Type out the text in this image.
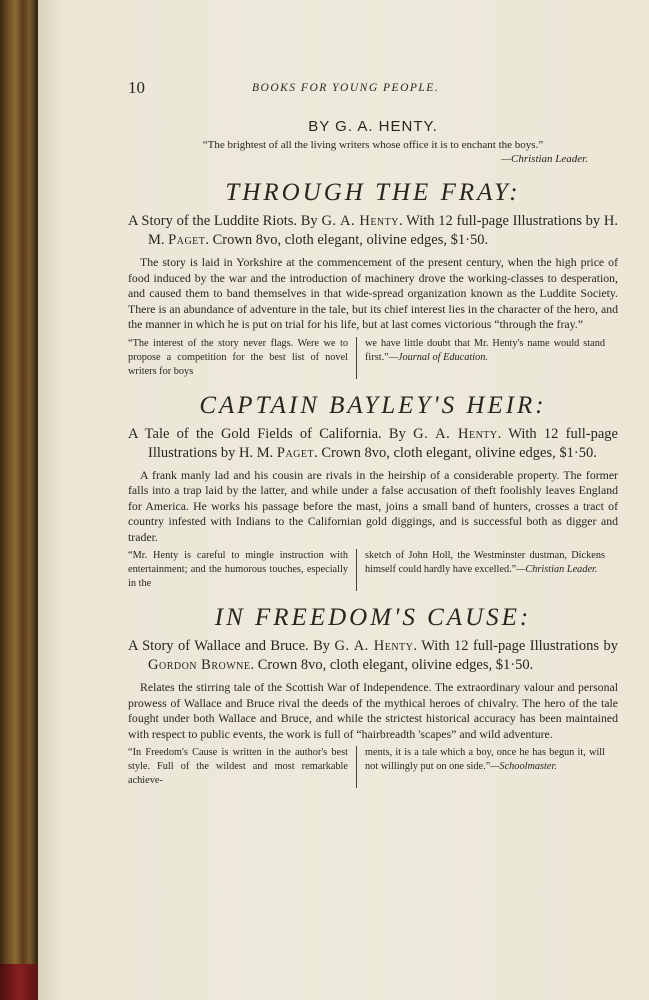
10	BOOKS FOR YOUNG PEOPLE.
BY G. A. HENTY.
“The brightest of all the living writers whose office it is to enchant the boys.”
—Christian Leader.
THROUGH THE FRAY:

A Story of the Luddite Riots. By G. A. Henty. With 12 full-page Illustrations by H. M. Paget. Crown 8vo, cloth elegant, olivine edges, $1·50.

The story is laid in Yorkshire at the commencement of the present century, when the high price of food induced by the war and the introduction of machinery drove the working-classes to desperation, and caused them to band themselves in that wide-spread organization known as the Luddite Society. There is an abundance of adventure in the tale, but its chief interest lies in the character of the hero, and the manner in which he is put on trial for his life, but at last comes victorious “through the fray.”

“The interest of the story never flags. Were we to propose a competition for the best list of novel writers for boys
we have little doubt that Mr. Henty's name would stand first.”—Journal of Education.
CAPTAIN BAYLEY'S HEIR:

A Tale of the Gold Fields of California. By G. A. Henty. With 12 full-page Illustrations by H. M. Paget. Crown 8vo, cloth elegant, olivine edges, $1·50.

A frank manly lad and his cousin are rivals in the heirship of a considerable property. The former falls into a trap laid by the latter, and while under a false accusation of theft foolishly leaves England for America. He works his passage before the mast, joins a small band of hunters, crosses a tract of country infested with Indians to the Californian gold diggings, and is successful both as digger and trader.

“Mr. Henty is careful to mingle instruction with entertainment; and the humorous touches, especially in the
sketch of John Holl, the Westminster dustman, Dickens himself could hardly have excelled.”—Christian Leader.
IN FREEDOM'S CAUSE:

A Story of Wallace and Bruce. By G. A. Henty. With 12 full-page Illustrations by Gordon Browne. Crown 8vo, cloth elegant, olivine edges, $1·50.

Relates the stirring tale of the Scottish War of Independence. The extraordinary valour and personal prowess of Wallace and Bruce rival the deeds of the mythical heroes of chivalry. The hero of the tale fought under both Wallace and Bruce, and while the strictest historical accuracy has been maintained with respect to public events, the work is full of “hairbreadth 'scapes” and wild adventure.

“In Freedom's Cause is written in the author's best style. Full of the wildest and most remarkable achieve-
ments, it is a tale which a boy, once he has begun it, will not willingly put on one side.”—Schoolmaster.
